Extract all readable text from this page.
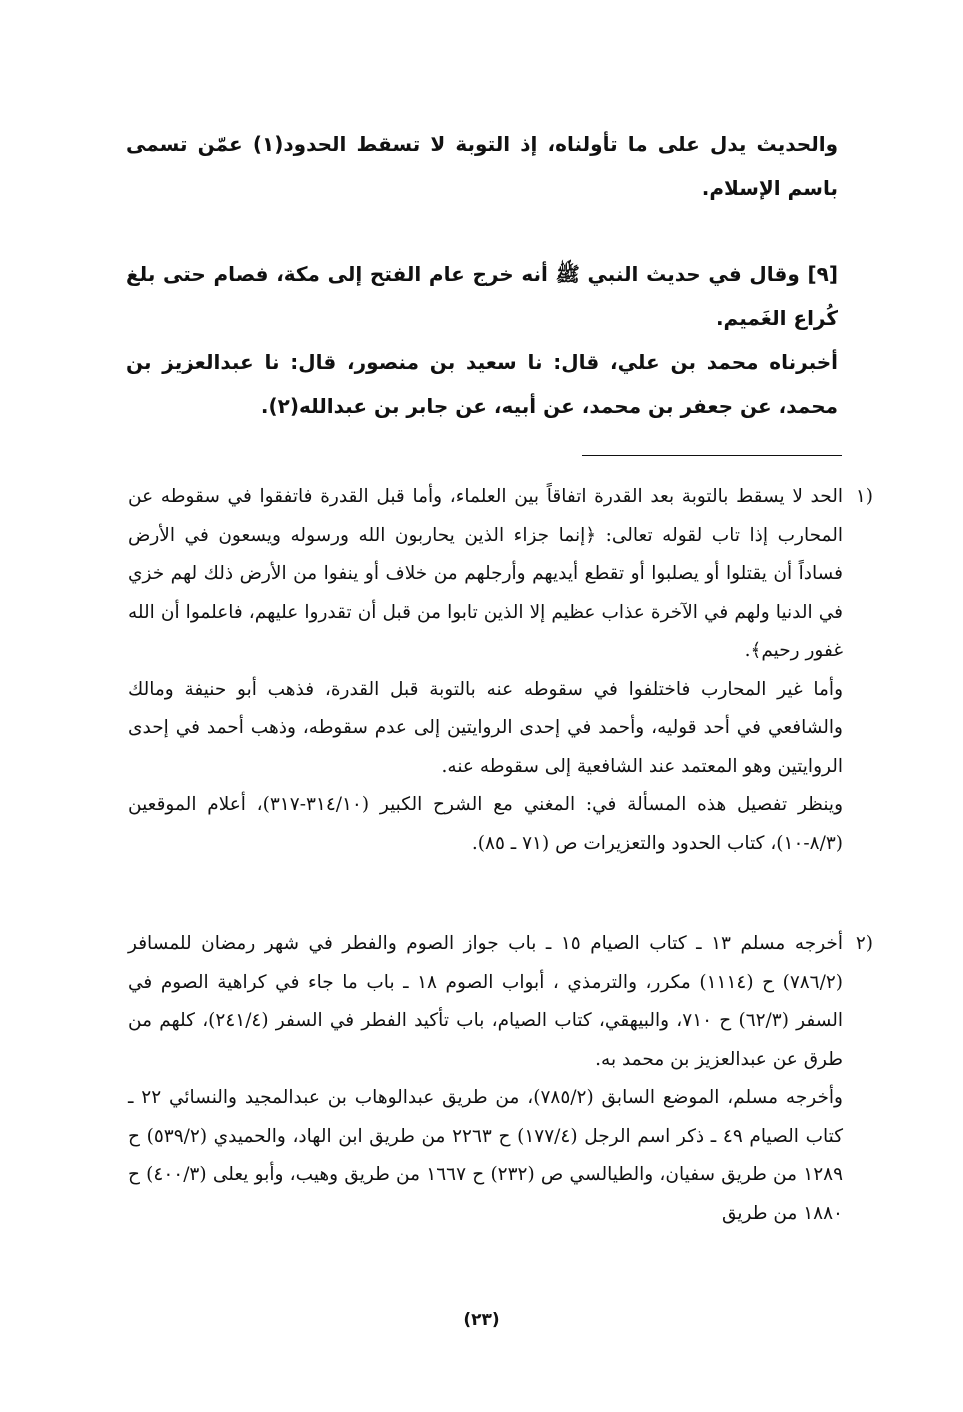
والحديث يدل على ما تأولناه، إذ التوبة لا تسقط الحدود(١) عمّن تسمى باسم الإسلام.
[٩] وقال في حديث النبي ﷺ أنه خرج عام الفتح إلى مكة، فصام حتى بلغ كُراع الغَميم.
أخبرناه محمد بن علي، قال: نا سعيد بن منصور، قال: نا عبدالعزيز بن محمد، عن جعفر بن محمد، عن أبيه، عن جابر بن عبدالله(٢).
١)
الحد لا يسقط بالتوبة بعد القدرة اتفاقاً بين العلماء، وأما قبل القدرة فاتفقوا في سقوطه عن المحارب إذا تاب لقوله تعالى: ﴿إنما جزاء الذين يحاربون الله ورسوله ويسعون في الأرض فساداً أن يقتلوا أو يصلبوا أو تقطع أيديهم وأرجلهم من خلاف أو ينفوا من الأرض ذلك لهم خزي في الدنيا ولهم في الآخرة عذاب عظيم إلا الذين تابوا من قبل أن تقدروا عليهم، فاعلموا أن الله غفور رحيم﴾.
وأما غير المحارب فاختلفوا في سقوطه عنه بالتوبة قبل القدرة، فذهب أبو حنيفة ومالك والشافعي في أحد قوليه، وأحمد في إحدى الروايتين إلى عدم سقوطه، وذهب أحمد في إحدى الروايتين وهو المعتمد عند الشافعية إلى سقوطه عنه.
وينظر تفصيل هذه المسألة في: المغني مع الشرح الكبير (٣١٤/١٠-٣١٧)، أعلام الموقعين (٨/٣-١٠)، كتاب الحدود والتعزيرات ص (٧١ ـ ٨٥).
٢)
أخرجه مسلم ١٣ ـ كتاب الصيام ١٥ ـ باب جواز الصوم والفطر في شهر رمضان للمسافر (٧٨٦/٢) ح (١١١٤) مكرر، والترمذي ، أبواب الصوم ١٨ ـ باب ما جاء في كراهية الصوم في السفر (٦٢/٣) ح ٧١٠، والبيهقي، كتاب الصيام، باب تأكيد الفطر في السفر (٢٤١/٤)، كلهم من طرق عن عبدالعزيز بن محمد به.
وأخرجه مسلم، الموضع السابق (٧٨٥/٢)، من طريق عبدالوهاب بن عبدالمجيد والنسائي ٢٢ ـ كتاب الصيام ٤٩ ـ ذكر اسم الرجل (١٧٧/٤) ح ٢٢٦٣ من طريق ابن الهاد، والحميدي (٥٣٩/٢) ح ١٢٨٩ من طريق سفيان، والطيالسي ص (٢٣٢) ح ١٦٦٧ من طريق وهيب، وأبو يعلى (٤٠٠/٣) ح ١٨٨٠ من طريق
(٢٣)
